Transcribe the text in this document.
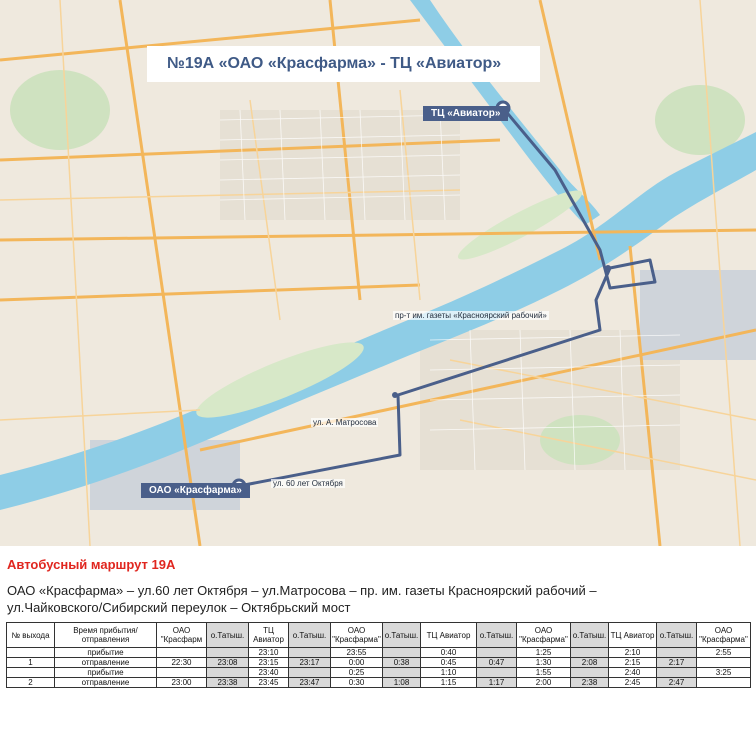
№19А «ОАО «Красфарма» - ТЦ «Авиатор»
ТЦ «Авиатор»
ОАО «Красфарма»
пр-т им. газеты «Красноярский рабочий»
ул. А. Матросова
ул. 60 лет Октября
Автобусный маршрут 19А
ОАО «Красфарма» – ул.60 лет Октября – ул.Матросова – пр. им. газеты Красноярский рабочий –
ул.Чайковского/Сибирский переулок – Октябрьский мост
№ выхода	Время прибытия/отправления	ОАО "Красфарм	о.Татыш.	ТЦ Авиатор	о.Татыш.	ОАО "Красфарма"	о.Татыш.	ТЦ Авиатор	о.Татыш.	ОАО "Красфарма"	о.Татыш.	ТЦ Авиатор	о.Татыш.	ОАО "Красфарма"
	прибытие			23:10		23:55		0:40		1:25		2:10		2:55
1	отправление	22:30	23:08	23:15	23:17	0:00	0:38	0:45	0:47	1:30	2:08	2:15	2:17	
	прибытие			23:40		0:25		1:10		1:55		2:40		3:25
2	отправление	23:00	23:38	23:45	23:47	0:30	1:08	1:15	1:17	2:00	2:38	2:45	2:47	
